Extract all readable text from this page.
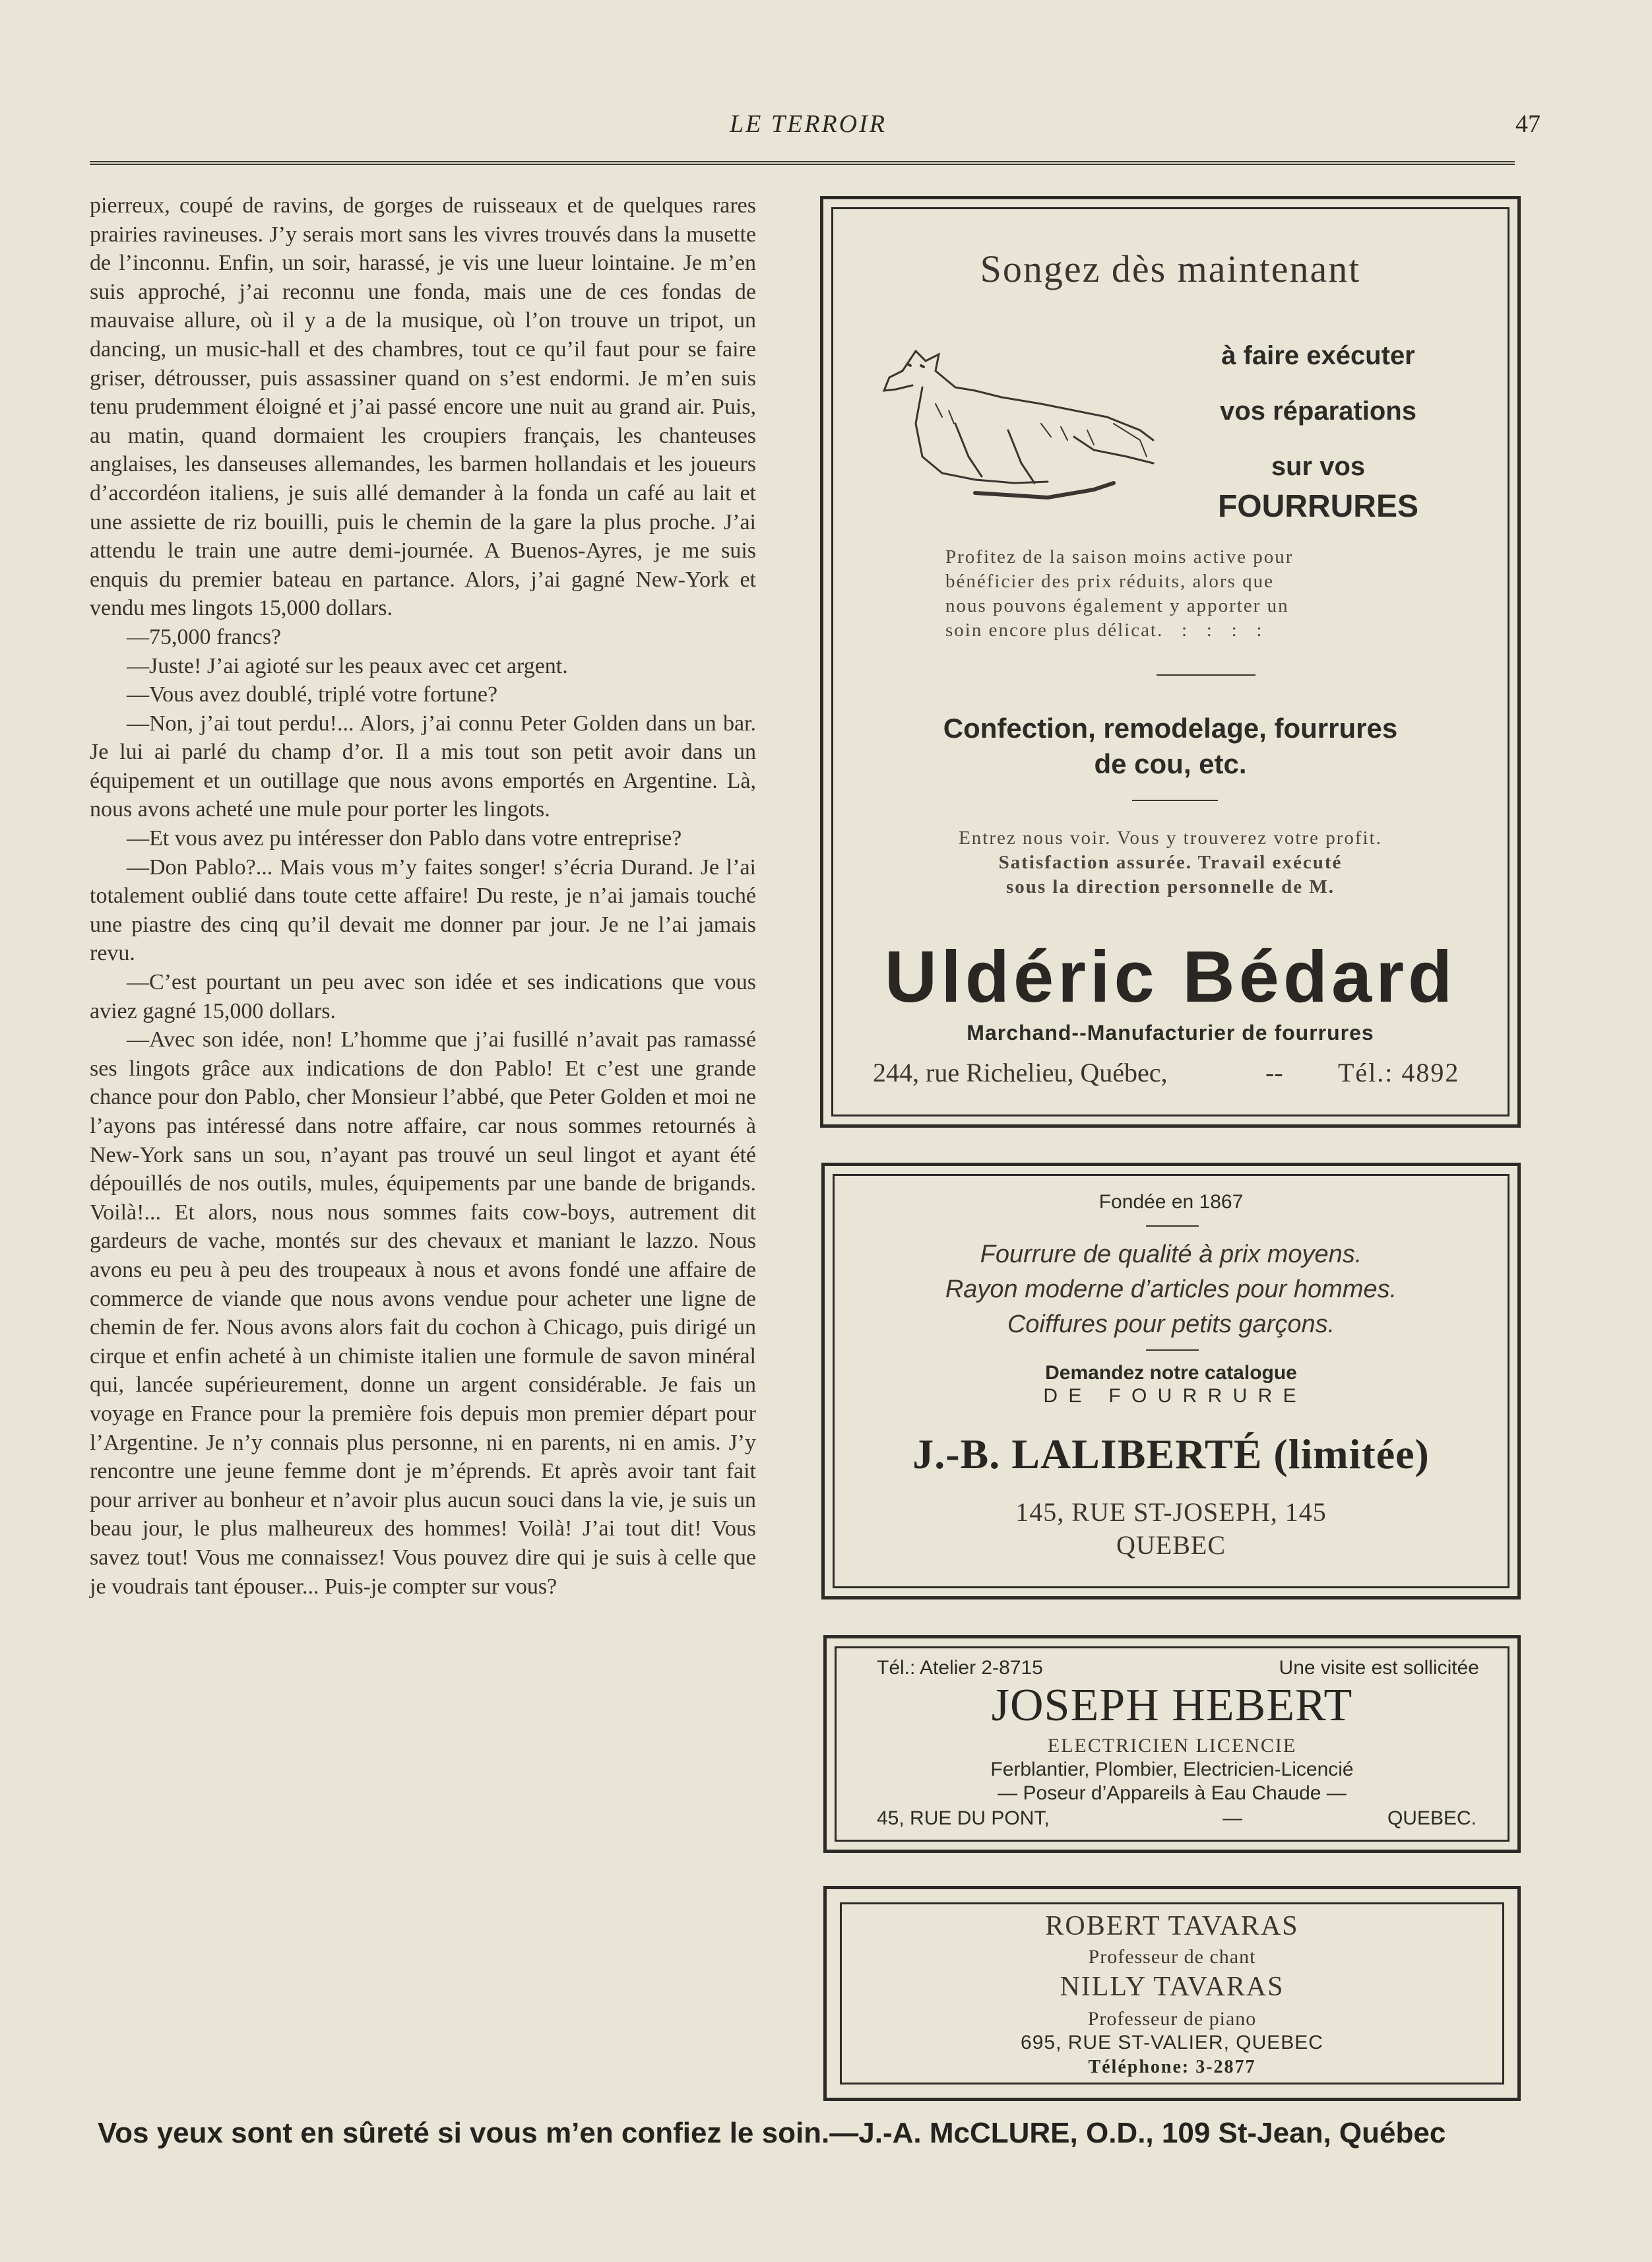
LE TERROIR	47

pierreux, coupé de ravins, de gorges de ruisseaux et de quelques rares prairies ravineuses. J’y serais mort sans les vivres trouvés dans la musette de l’inconnu. Enfin, un soir, harassé, je vis une lueur lointaine. Je m’en suis approché, j’ai reconnu une fonda, mais une de ces fondas de mauvaise allure, où il y a de la musique, où l’on trouve un tripot, un dancing, un music-hall et des chambres, tout ce qu’il faut pour se faire griser, détrousser, puis assassiner quand on s’est endormi. Je m’en suis tenu prudemment éloigné et j’ai passé encore une nuit au grand air. Puis, au matin, quand dormaient les croupiers français, les chanteuses anglaises, les danseuses allemandes, les barmen hollandais et les joueurs d’accordéon italiens, je suis allé demander à la fonda un café au lait et une assiette de riz bouilli, puis le chemin de la gare la plus proche. J’ai attendu le train une autre demi-journée. A Buenos-Ayres, je me suis enquis du premier bateau en partance. Alors, j’ai gagné New-York et vendu mes lingots 15,000 dollars.

—75,000 francs?

—Juste! J’ai agioté sur les peaux avec cet argent.

—Vous avez doublé, triplé votre fortune?

—Non, j’ai tout perdu!... Alors, j’ai connu Peter Golden dans un bar. Je lui ai parlé du champ d’or. Il a mis tout son petit avoir dans un équipement et un outillage que nous avons emportés en Argentine. Là, nous avons acheté une mule pour porter les lingots.

—Et vous avez pu intéresser don Pablo dans votre entreprise?

—Don Pablo?... Mais vous m’y faites songer! s’écria Durand. Je l’ai totalement oublié dans toute cette affaire! Du reste, je n’ai jamais touché une piastre des cinq qu’il devait me donner par jour. Je ne l’ai jamais revu.

—C’est pourtant un peu avec son idée et ses indications que vous aviez gagné 15,000 dollars.

—Avec son idée, non! L’homme que j’ai fusillé n’avait pas ramassé ses lingots grâce aux indications de don Pablo! Et c’est une grande chance pour don Pablo, cher Monsieur l’abbé, que Peter Golden et moi ne l’ayons pas intéressé dans notre affaire, car nous sommes retournés à New-York sans un sou, n’ayant pas trouvé un seul lingot et ayant été dépouillés de nos outils, mules, équipements par une bande de brigands. Voilà!... Et alors, nous nous sommes faits cow-boys, autrement dit gardeurs de vache, montés sur des chevaux et maniant le lazzo. Nous avons eu peu à peu des troupeaux à nous et avons fondé une affaire de commerce de viande que nous avons vendue pour acheter une ligne de chemin de fer. Nous avons alors fait du cochon à Chicago, puis dirigé un cirque et enfin acheté à un chimiste italien une formule de savon minéral qui, lancée supérieurement, donne un argent considérable. Je fais un voyage en France pour la première fois depuis mon premier départ pour l’Argentine. Je n’y connais plus personne, ni en parents, ni en amis. J’y rencontre une jeune femme dont je m’éprends. Et après avoir tant fait pour arriver au bonheur et n’avoir plus aucun souci dans la vie, je suis un beau jour, le plus malheureux des hommes! Voilà! J’ai tout dit! Vous savez tout! Vous me connaissez! Vous pouvez dire qui je suis à celle que je voudrais tant épouser... Puis-je compter sur vous?

Songez dès maintenant
à faire exécuter
vos réparations
sur vos
FOURRURES
Profitez de la saison moins active pour
bénéficier des prix réduits, alors que
nous pouvons également y apporter un
soin encore plus délicat.   :   :   :   :
Confection, remodelage, fourrures
de cou, etc.
Entrez nous voir. Vous y trouverez votre profit.
Satisfaction assurée. Travail exécuté
sous la direction personnelle de M.
Uldéric Bédard
Marchand--Manufacturier de fourrures
244, rue Richelieu, Québec,	-- Tél.: 4892
Fondée en 1867
Fourrure de qualité à prix moyens.
Rayon moderne d’articles pour hommes.
Coiffures pour petits garçons.
Demandez notre catalogue
D E   F O U R R U R E
J.-B. LALIBERTÉ (limitée)
145, RUE ST-JOSEPH, 145
QUEBEC
Tél.: Atelier 2-8715	Une visite est sollicitée
JOSEPH HEBERT
ELECTRICIEN LICENCIE
Ferblantier, Plombier, Electricien-Licencié
— Poseur d’Appareils à Eau Chaude —
45, RUE DU PONT,	—	QUEBEC.
ROBERT TAVARAS
Professeur de chant
NILLY TAVARAS
Professeur de piano
695, RUE ST-VALIER, QUEBEC
Téléphone: 3-2877
Vos yeux sont en sûreté si vous m’en confiez le soin.—J.-A. McCLURE, O.D., 109 St-Jean, Québec
